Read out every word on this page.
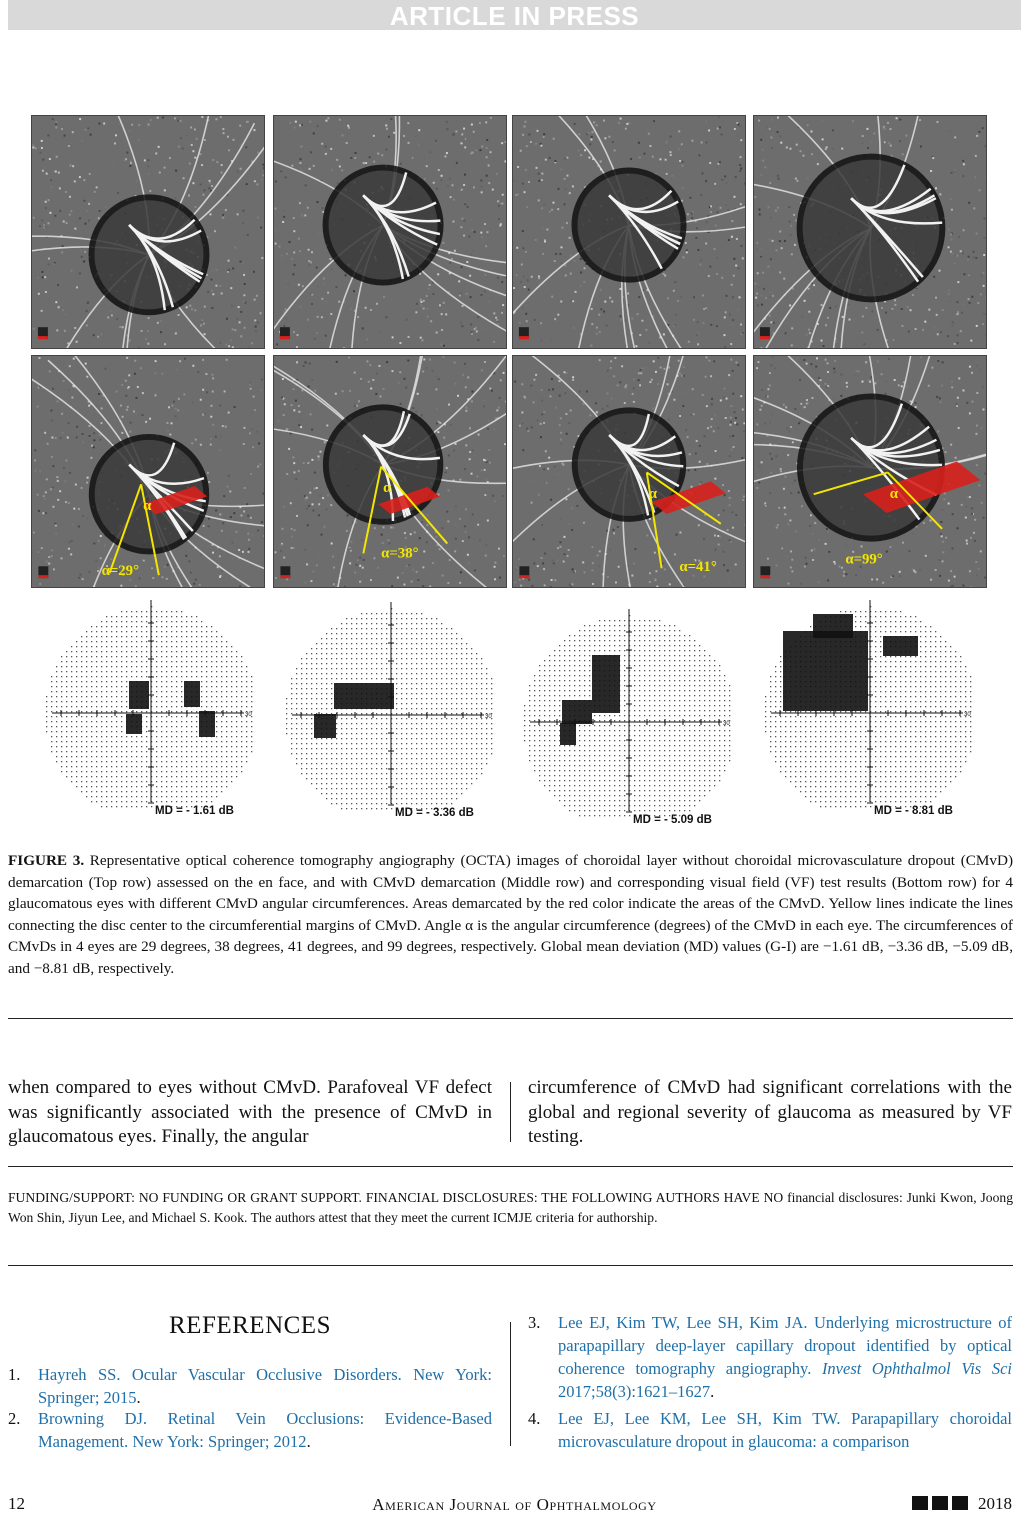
ARTICLE IN PRESS
α=29°
α
α=38°
α
α=41°
α
α=99°
α
30
MD = - 1.61 dB
30
MD = - 3.36 dB
30
MD = - 5.09 dB
30
MD = - 8.81 dB
FIGURE 3. Representative optical coherence tomography angiography (OCTA) images of choroidal layer without choroidal microvasculature dropout (CMvD) demarcation (Top row) assessed on the en face, and with CMvD demarcation (Middle row) and corresponding visual field (VF) test results (Bottom row) for 4 glaucomatous eyes with different CMvD angular circumferences. Areas demarcated by the red color indicate the areas of the CMvD. Yellow lines indicate the lines connecting the disc center to the circumferential margins of CMvD. Angle α is the angular circumference (degrees) of the CMvD in each eye. The circumferences of CMvDs in 4 eyes are 29 degrees, 38 degrees, 41 degrees, and 99 degrees, respectively. Global mean deviation (MD) values (G-I) are −1.61 dB, −3.36 dB, −5.09 dB, and −8.81 dB, respectively.
when compared to eyes without CMvD. Parafoveal VF defect was significantly associated with the presence of CMvD in glaucomatous eyes. Finally, the angular
circumference of CMvD had significant correlations with the global and regional severity of glaucoma as measured by VF testing.
FUNDING/SUPPORT: NO FUNDING OR GRANT SUPPORT. FINANCIAL DISCLOSURES: THE FOLLOWING AUTHORS HAVE NO financial disclosures: Junki Kwon, Joong Won Shin, Jiyun Lee, and Michael S. Kook. The authors attest that they meet the current ICMJE criteria for authorship.
REFERENCES
1.	Hayreh SS. Ocular Vascular Occlusive Disorders. New York: Springer; 2015.
2.	Browning DJ. Retinal Vein Occlusions: Evidence-Based Management. New York: Springer; 2012.
3.	Lee EJ, Kim TW, Lee SH, Kim JA. Underlying microstructure of parapapillary deep-layer capillary dropout identified by optical coherence tomography angiography. Invest Ophthalmol Vis Sci 2017;58(3):1621–1627.
4.	Lee EJ, Lee KM, Lee SH, Kim TW. Parapapillary choroidal microvasculature dropout in glaucoma: a comparison
12	American Journal of Ophthalmology	2018
